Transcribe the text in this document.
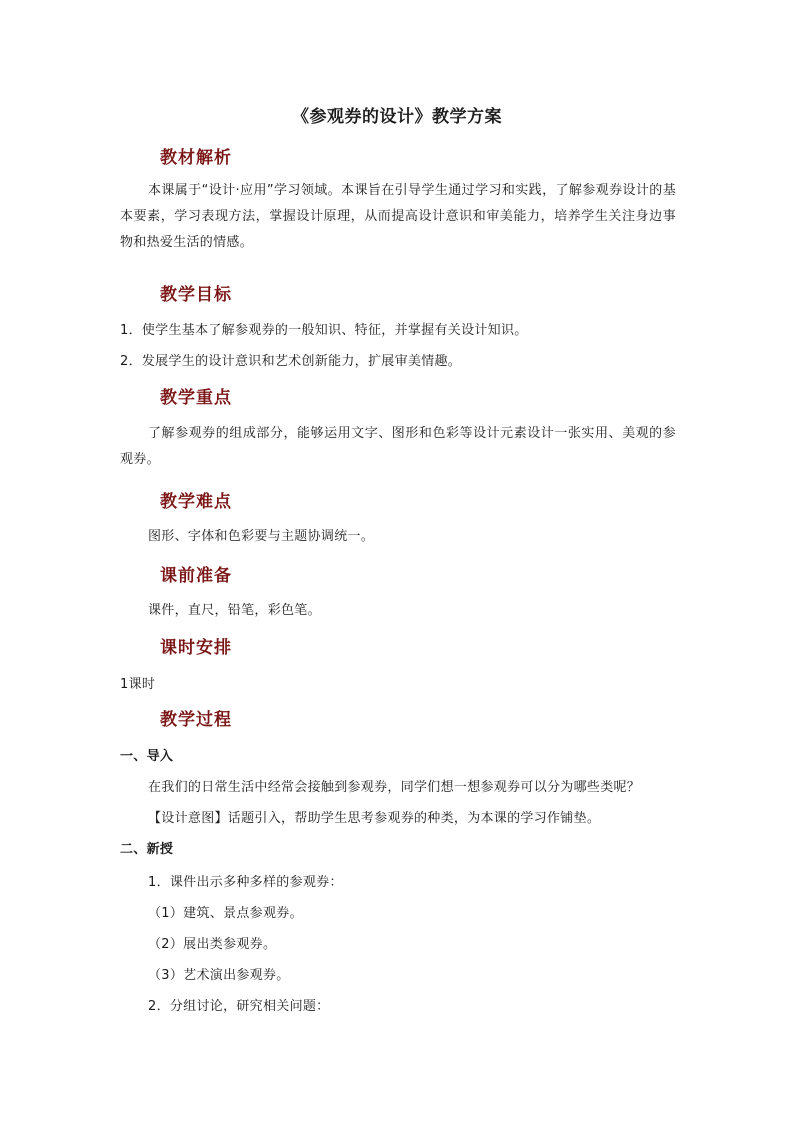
《参观券的设计》教学方案
教材解析
本课属于“设计·应用”学习领域。本课旨在引导学生通过学习和实践，了解参观券设计的基本要素，学习表现方法，掌握设计原理，从而提高设计意识和审美能力，培养学生关注身边事物和热爱生活的情感。
教学目标
1．使学生基本了解参观券的一般知识、特征，并掌握有关设计知识。
2．发展学生的设计意识和艺术创新能力，扩展审美情趣。
教学重点
了解参观券的组成部分，能够运用文字、图形和色彩等设计元素设计一张实用、美观的参观券。
教学难点
图形、字体和色彩要与主题协调统一。
课前准备
课件，直尺，铅笔，彩色笔。
课时安排
1课时
教学过程
一、导入
在我们的日常生活中经常会接触到参观券，同学们想一想参观券可以分为哪些类呢？
【设计意图】话题引入，帮助学生思考参观券的种类，为本课的学习作铺垫。
二、新授
1．课件出示多种多样的参观券：
（1）建筑、景点参观券。
（2）展出类参观券。
（3）艺术演出参观券。
2．分组讨论，研究相关问题：
